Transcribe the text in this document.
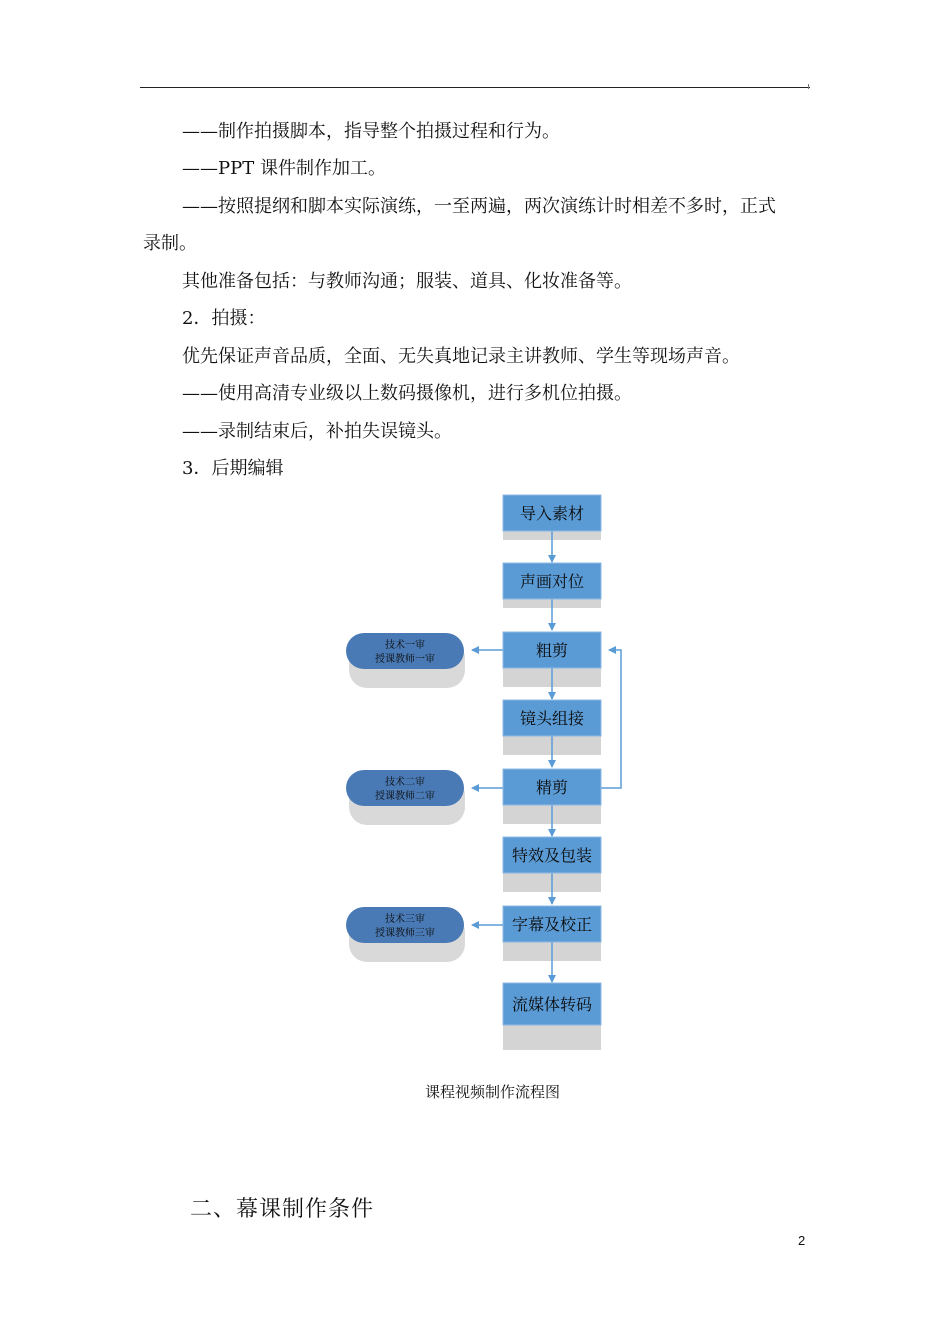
——制作拍摄脚本，指导整个拍摄过程和行为。
——PPT 课件制作加工。
——按照提纲和脚本实际演练，一至两遍，两次演练计时相差不多时，正式
录制。
其他准备包括：与教师沟通；服装、道具、化妆准备等。
2．拍摄：
优先保证声音品质，全面、无失真地记录主讲教师、学生等现场声音。
——使用高清专业级以上数码摄像机，进行多机位拍摄。
——录制结束后，补拍失误镜头。
3．后期编辑
导入素材
声画对位
粗剪
镜头组接
精剪
特效及包装
字幕及校正
流媒体转码
技术一审
授课教师一审
技术二审
授课教师二审
技术三审
授课教师三审
课程视频制作流程图
二、幕课制作条件
2
